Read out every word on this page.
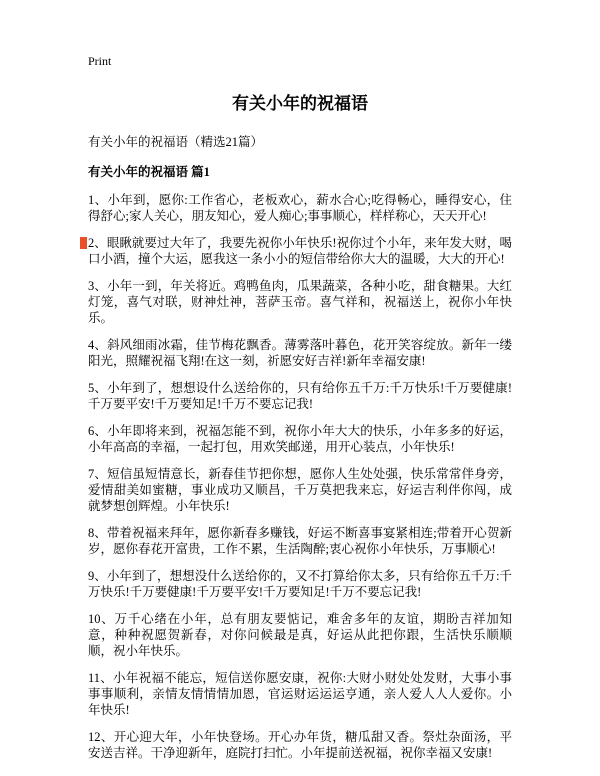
Print
有关小年的祝福语
有关小年的祝福语（精选21篇）
有关小年的祝福语 篇1

1、小年到，愿你:工作省心，老板欢心，薪水合心;吃得畅心，睡得安心，住得舒心;家人关心，朋友知心，爱人痴心;事事顺心，样样称心，天天开心!

2、眼瞅就要过大年了，我要先祝你小年快乐!祝你过个小年，来年发大财，喝口小酒，撞个大运，愿我这一条小小的短信带给你大大的温暖，大大的开心!

3、小年一到，年关将近。鸡鸭鱼肉，瓜果蔬菜，各种小吃，甜食糖果。大红灯笼，喜气对联，财神灶神，菩萨玉帝。喜气祥和，祝福送上，祝你小年快乐。

4、斜风细雨冰霜，佳节梅花飘香。薄雾落叶暮色，花开笑容绽放。新年一缕阳光，照耀祝福飞翔!在这一刻，祈愿安好吉祥!新年幸福安康!

5、小年到了，想想设什么送给你的，只有给你五千万:千万快乐!千万要健康!千万要平安!千万要知足!千万不要忘记我!

6、小年即将来到，祝福怎能不到，祝你小年大大的快乐，小年多多的好运，小年高高的幸福，一起打包，用欢笑邮递，用开心装点，小年快乐!

7、短信虽短情意长，新春佳节把你想，愿你人生处处强，快乐常常伴身旁，爱情甜美如蜜糖，事业成功又顺昌，千万莫把我来忘，好运吉利伴你闯，成就梦想创辉煌。小年快乐!

8、带着祝福来拜年，愿你新春多赚钱，好运不断喜事宴紧相连;带着开心贺新岁，愿你春花开富贵，工作不累，生活陶醉;衷心祝你小年快乐，万事顺心!

9、小年到了，想想没什么送给你的，又不打算给你太多，只有给你五千万:千万快乐!千万要健康!千万要平安!千万要知足!千万不要忘记我!

10、万千心绪在小年，总有朋友要惦记，难舍多年的友谊，期盼吉祥加知意，种种祝愿贺新春，对你问候最是真，好运从此把你跟，生活快乐顺顺顺，祝小年快乐。

11、小年祝福不能忘，短信送你愿安康，祝你:大财小财处处发财，大事小事事事顺利，亲情友情情情加恩，官运财运运运亨通，亲人爱人人人爱你。小年快乐!

12、开心迎大年，小年快登场。开心办年货，糖瓜甜又香。祭灶杂面汤，平安送吉祥。干净迎新年，庭院打扫忙。小年提前送祝福，祝你幸福又安康!
